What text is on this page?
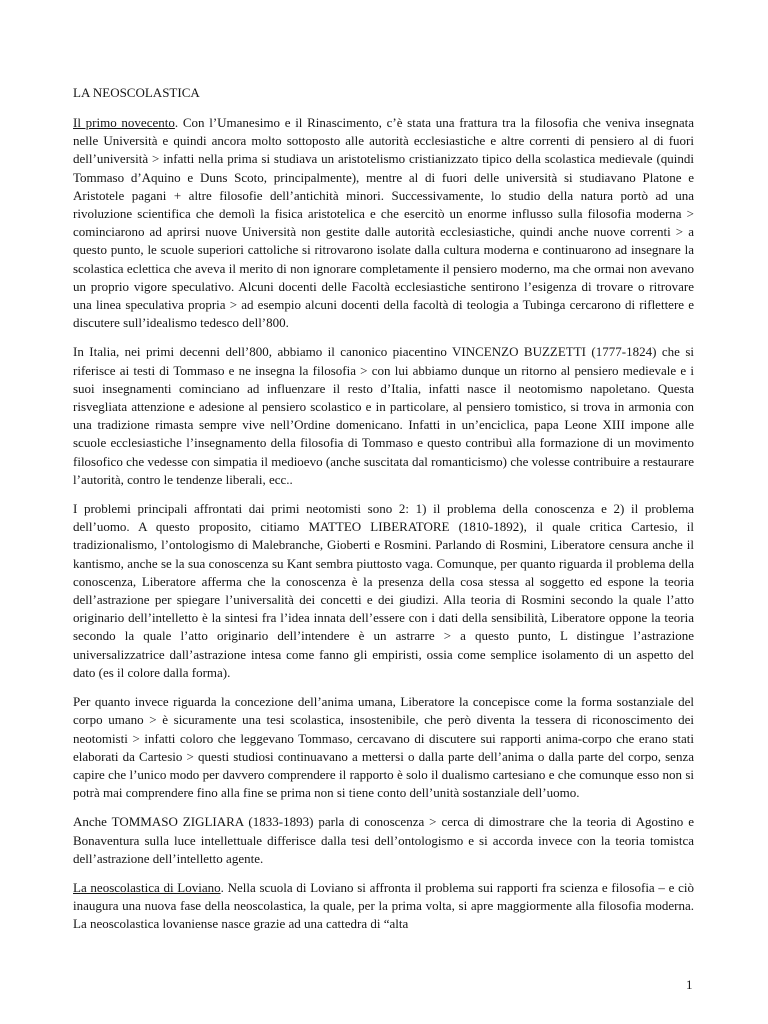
LA NEOSCOLASTICA

Il primo novecento. Con l’Umanesimo e il Rinascimento, c’è stata una frattura tra la filosofia che veniva insegnata nelle Università e quindi ancora molto sottoposto alle autorità ecclesiastiche e altre correnti di pensiero al di fuori dell’università > infatti nella prima si studiava un aristotelismo cristianizzato tipico della scolastica medievale (quindi Tommaso d’Aquino e Duns Scoto, principalmente), mentre al di fuori delle università si studiavano Platone e Aristotele pagani + altre filosofie dell’antichità minori. Successivamente, lo studio della natura portò ad una rivoluzione scientifica che demolì la fisica aristotelica e che esercitò un enorme influsso sulla filosofia moderna > cominciarono ad aprirsi nuove Università non gestite dalle autorità ecclesiastiche, quindi anche nuove correnti > a questo punto, le scuole superiori cattoliche si ritrovarono isolate dalla cultura moderna e continuarono ad insegnare la scolastica eclettica che aveva il merito di non ignorare completamente il pensiero moderno, ma che ormai non avevano un proprio vigore speculativo. Alcuni docenti delle Facoltà ecclesiastiche sentirono l’esigenza di trovare o ritrovare una linea speculativa propria > ad esempio alcuni docenti della facoltà di teologia a Tubinga cercarono di riflettere e discutere sull’idealismo tedesco dell’800.

In Italia, nei primi decenni dell’800, abbiamo il canonico piacentino VINCENZO BUZZETTI (1777-1824) che si riferisce ai testi di Tommaso e ne insegna la filosofia > con lui abbiamo dunque un ritorno al pensiero medievale e i suoi insegnamenti cominciano ad influenzare il resto d’Italia, infatti nasce il neotomismo napoletano. Questa risvegliata attenzione e adesione al pensiero scolastico e in particolare, al pensiero tomistico, si trova in armonia con una tradizione rimasta sempre vive nell’Ordine domenicano. Infatti in un’enciclica, papa Leone XIII impone alle scuole ecclesiastiche l’insegnamento della filosofia di Tommaso e questo contribuì alla formazione di un movimento filosofico che vedesse con simpatia il medioevo (anche suscitata dal romanticismo) che volesse contribuire a restaurare l’autorità, contro le tendenze liberali, ecc..

I problemi principali affrontati dai primi neotomisti sono 2: 1) il problema della conoscenza e 2) il problema dell’uomo. A questo proposito, citiamo MATTEO LIBERATORE (1810-1892), il quale critica Cartesio, il tradizionalismo, l’ontologismo di Malebranche, Gioberti e Rosmini. Parlando di Rosmini, Liberatore censura anche il kantismo, anche se la sua conoscenza su Kant sembra piuttosto vaga. Comunque, per quanto riguarda il problema della conoscenza, Liberatore afferma che la conoscenza è la presenza della cosa stessa al soggetto ed espone la teoria dell’astrazione per spiegare l’universalità dei concetti e dei giudizi. Alla teoria di Rosmini secondo la quale l’atto originario dell’intelletto è la sintesi fra l’idea innata dell’essere con i dati della sensibilità, Liberatore oppone la teoria secondo la quale l’atto originario dell’intendere è un astrarre > a questo punto, L distingue l’astrazione universalizzatrice dall’astrazione intesa come fanno gli empiristi, ossia come semplice isolamento di un aspetto del dato (es il colore dalla forma).

Per quanto invece riguarda la concezione dell’anima umana, Liberatore la concepisce come la forma sostanziale del corpo umano > è sicuramente una tesi scolastica, insostenibile, che però diventa la tessera di riconoscimento dei neotomisti > infatti coloro che leggevano Tommaso, cercavano di discutere sui rapporti anima-corpo che erano stati elaborati da Cartesio > questi studiosi continuavano a mettersi o dalla parte dell’anima o dalla parte del corpo, senza capire che l’unico modo per davvero comprendere il rapporto è solo il dualismo cartesiano e che comunque esso non si potrà mai comprendere fino alla fine se prima non si tiene conto dell’unità sostanziale dell’uomo.

Anche TOMMASO ZIGLIARA (1833-1893) parla di conoscenza > cerca di dimostrare che la teoria di Agostino e Bonaventura sulla luce intellettuale differisce dalla tesi dell’ontologismo e si accorda invece con la teoria tomistca dell’astrazione dell’intelletto agente.

La neoscolastica di Loviano. Nella scuola di Loviano si affronta il problema sui rapporti fra scienza e filosofia – e ciò inaugura una nuova fase della neoscolastica, la quale, per la prima volta, si apre maggiormente alla filosofia moderna. La neoscolastica lovaniense nasce grazie ad una cattedra di “alta

1
